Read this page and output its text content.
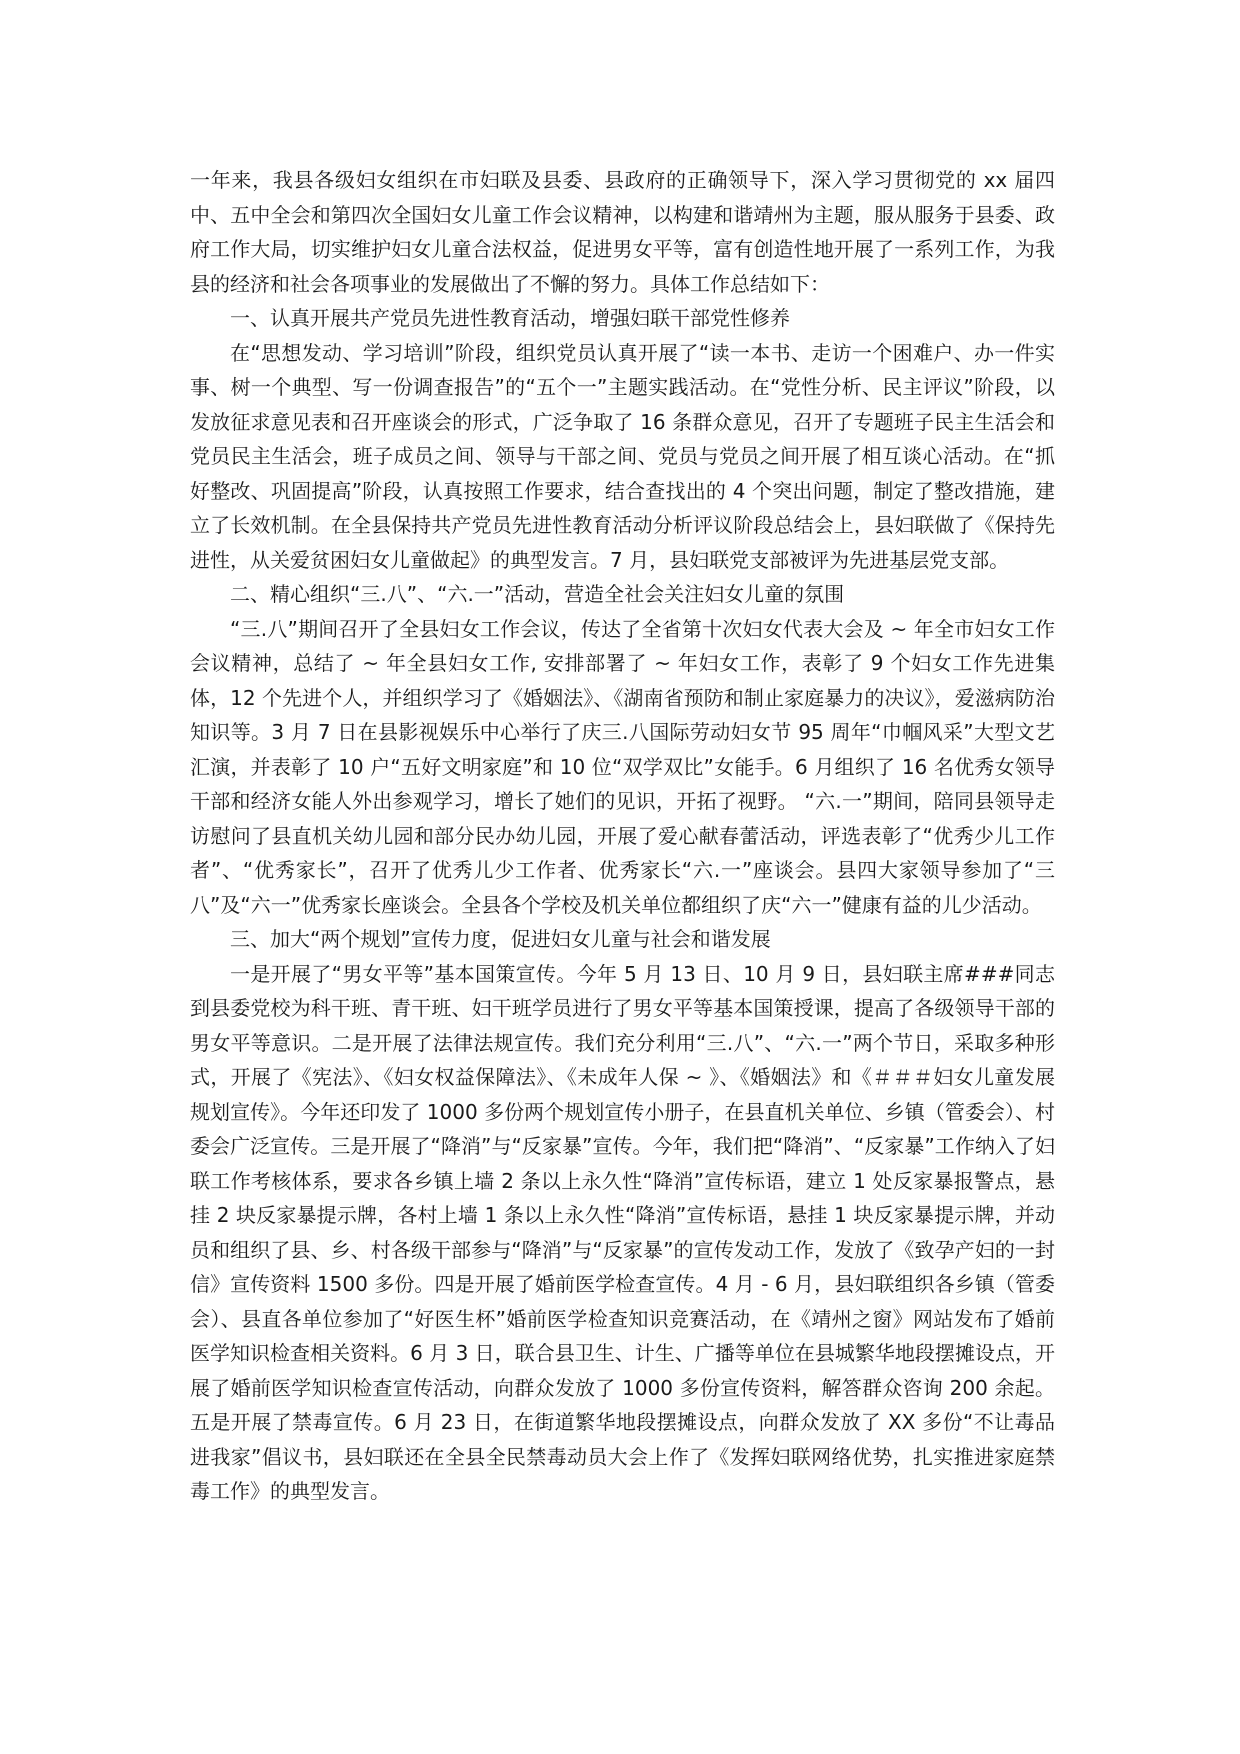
一年来，我县各级妇女组织在市妇联及县委、县政府的正确领导下，深入学习贯彻党的 xx 届四中、五中全会和第四次全国妇女儿童工作会议精神，以构建和谐靖州为主题，服从服务于县委、政府工作大局，切实维护妇女儿童合法权益，促进男女平等，富有创造性地开展了一系列工作，为我县的经济和社会各项事业的发展做出了不懈的努力。具体工作总结如下：

一、认真开展共产党员先进性教育活动，增强妇联干部党性修养

在“思想发动、学习培训”阶段，组织党员认真开展了“读一本书、走访一个困难户、办一件实事、树一个典型、写一份调查报告”的“五个一”主题实践活动。在“党性分析、民主评议”阶段，以发放征求意见表和召开座谈会的形式，广泛争取了 16 条群众意见，召开了专题班子民主生活会和党员民主生活会，班子成员之间、领导与干部之间、党员与党员之间开展了相互谈心活动。在“抓好整改、巩固提高”阶段，认真按照工作要求，结合查找出的 4 个突出问题，制定了整改措施，建立了长效机制。在全县保持共产党员先进性教育活动分析评议阶段总结会上，县妇联做了《保持先进性，从关爱贫困妇女儿童做起》的典型发言。7 月，县妇联党支部被评为先进基层党支部。

二、精心组织“三.八”、“六.一”活动，营造全社会关注妇女儿童的氛围

“三.八”期间召开了全县妇女工作会议，传达了全省第十次妇女代表大会及 ~ 年全市妇女工作会议精神，总结了 ~ 年全县妇女工作, 安排部署了 ~ 年妇女工作，表彰了 9 个妇女工作先进集体，12 个先进个人，并组织学习了《婚姻法》、《湖南省预防和制止家庭暴力的决议》，爱滋病防治知识等。3 月 7 日在县影视娱乐中心举行了庆三.八国际劳动妇女节 95 周年“巾帼风采”大型文艺汇演，并表彰了 10 户“五好文明家庭”和 10 位“双学双比”女能手。6 月组织了 16 名优秀女领导干部和经济女能人外出参观学习，增长了她们的见识，开拓了视野。 “六.一”期间，陪同县领导走访慰问了县直机关幼儿园和部分民办幼儿园，开展了爱心献春蕾活动，评选表彰了“优秀少儿工作者”、“优秀家长”，召开了优秀儿少工作者、优秀家长“六.一”座谈会。县四大家领导参加了“三八”及“六一”优秀家长座谈会。全县各个学校及机关单位都组织了庆“六一”健康有益的儿少活动。

三、加大“两个规划”宣传力度，促进妇女儿童与社会和谐发展

一是开展了“男女平等”基本国策宣传。今年 5 月 13 日、10 月 9 日，县妇联主席###同志到县委党校为科干班、青干班、妇干班学员进行了男女平等基本国策授课，提高了各级领导干部的男女平等意识。二是开展了法律法规宣传。我们充分利用“三.八”、“六.一”两个节日，采取多种形式，开展了《宪法》、《妇女权益保障法》、《未成年人保 ~ 》、《婚姻法》和《＃＃＃妇女儿童发展规划宣传》。今年还印发了 1000 多份两个规划宣传小册子，在县直机关单位、乡镇（管委会）、村委会广泛宣传。三是开展了“降消”与“反家暴”宣传。今年，我们把“降消”、“反家暴”工作纳入了妇联工作考核体系，要求各乡镇上墙 2 条以上永久性“降消”宣传标语，建立 1 处反家暴报警点，悬挂 2 块反家暴提示牌，各村上墙 1 条以上永久性“降消”宣传标语，悬挂 1 块反家暴提示牌，并动员和组织了县、乡、村各级干部参与“降消”与“反家暴”的宣传发动工作，发放了《致孕产妇的一封信》宣传资料 1500 多份。四是开展了婚前医学检查宣传。4 月 - 6 月，县妇联组织各乡镇（管委会）、县直各单位参加了“好医生杯”婚前医学检查知识竞赛活动，在《靖州之窗》网站发布了婚前医学知识检查相关资料。6 月 3 日，联合县卫生、计生、广播等单位在县城繁华地段摆摊设点，开展了婚前医学知识检查宣传活动，向群众发放了 1000 多份宣传资料，解答群众咨询 200 余起。五是开展了禁毒宣传。6 月 23 日，在街道繁华地段摆摊设点，向群众发放了 XX 多份“不让毒品进我家”倡议书，县妇联还在全县全民禁毒动员大会上作了《发挥妇联网络优势，扎实推进家庭禁毒工作》的典型发言。
